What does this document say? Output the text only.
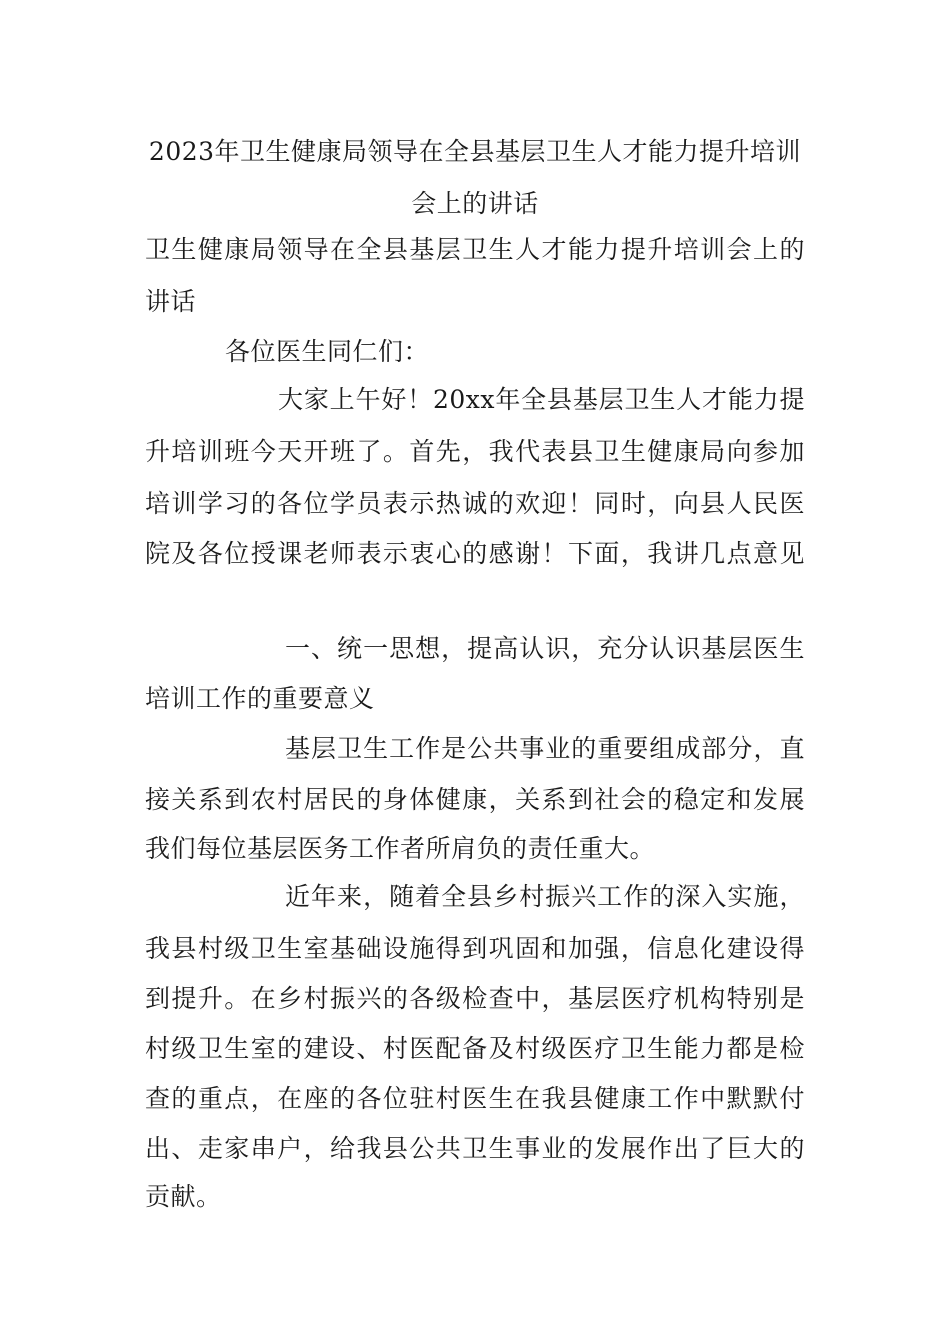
2023年卫生健康局领导在全县基层卫生人才能力提升培训
会上的讲话
卫生健康局领导在全县基层卫生人才能力提升培训会上的
讲话
各位医生同仁们：
大家上午好！20xx年全县基层卫生人才能力提
升培训班今天开班了。首先，我代表县卫生健康局向参加
培训学习的各位学员表示热诚的欢迎！同时，向县人民医
院及各位授课老师表示衷心的感谢！下面，我讲几点意见
一、统一思想，提高认识，充分认识基层医生
培训工作的重要意义
基层卫生工作是公共事业的重要组成部分，直
接关系到农村居民的身体健康，关系到社会的稳定和发展
我们每位基层医务工作者所肩负的责任重大。
近年来，随着全县乡村振兴工作的深入实施，
我县村级卫生室基础设施得到巩固和加强，信息化建设得
到提升。在乡村振兴的各级检查中，基层医疗机构特别是
村级卫生室的建设、村医配备及村级医疗卫生能力都是检
查的重点，在座的各位驻村医生在我县健康工作中默默付
出、走家串户，给我县公共卫生事业的发展作出了巨大的
贡献。
